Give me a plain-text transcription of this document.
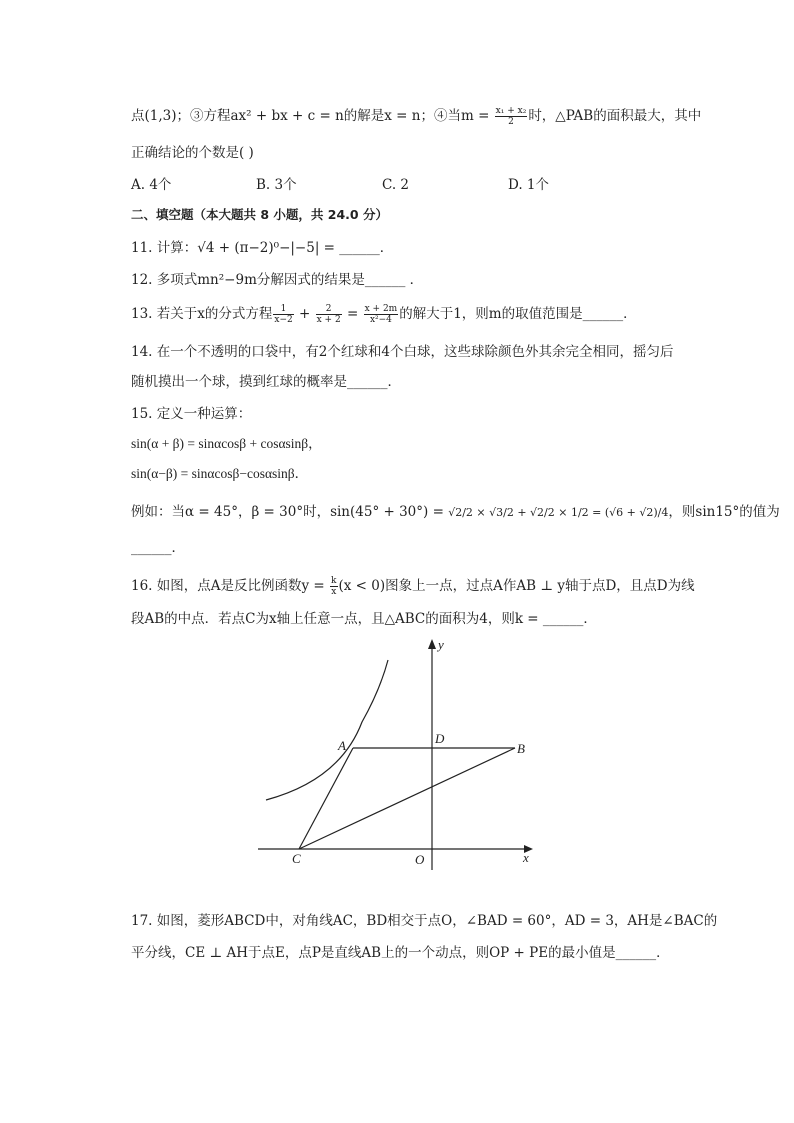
点(1,3)；③方程ax² + bx + c = n的解是x = n；④当$m = \frac{\text{x₁ + x₂}}{2}$ 时，△PAB的面积最大，其中
正确结论的个数是( )
A. 4个	B. 3个	C. 2	D. 1个
二、填空题（本大题共 8 小题，共 24.0 分）
11. 计算：√4 + (π−2)⁰−|−5| = ______．
12. 多项式mn²−9m分解因式的结果是______ ．
13. 若关于x的分式方程 $\frac{1}{x-2} + \frac{2}{x + 2} = \frac{x + 2m}{\text{x²−4}}$ 的解大于1，则m的取值范围是______．
14. 在一个不透明的口袋中，有2个红球和4个白球，这些球除颜色外其余完全相同，摇匀后
随机摸出一个球，摸到红球的概率是______．
15. 定义一种运算：
sin(α + β) = sinαcosβ + cosαsinβ，
sin(α−β) = sinαcosβ−cosαsinβ．
例如：当α = 45°，β = 30°时，sin(45° + 30°) = √2/2 × √3/2 + √2/2 × 1/2 = (√6 + √2)/4，则sin15°的值为
______．
16. 如图，点A是反比例函数$y = \frac{k}{x} (x < 0)$图象上一点，过点A作AB ⊥ y轴于点D，且点D为线
段AB的中点．若点C为x轴上任意一点，且△ABC的面积为4，则k = ______．
A	D
B
C	O	x
y
17. 如图，菱形ABCD中，对角线AC，BD相交于点O，∠BAD = 60°，AD = 3，AH是∠BAC的
平分线，CE ⊥ AH于点E，点P是直线AB上的一个动点，则OP + PE的最小值是______．
